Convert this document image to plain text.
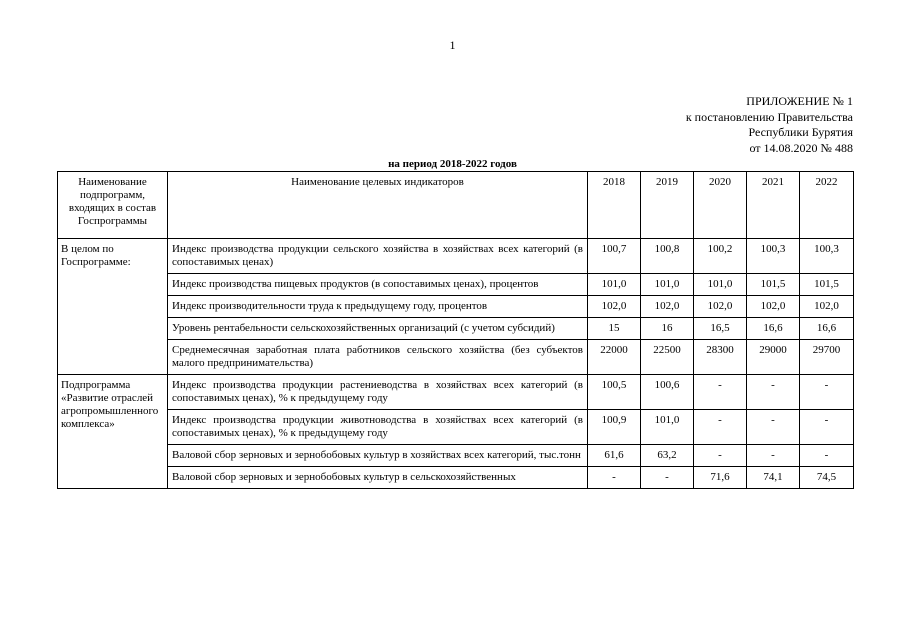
1
ПРИЛОЖЕНИЕ № 1
к постановлению Правительства
Республики Бурятия
от 14.08.2020 № 488
на период 2018-2022 годов
Наименование подпрограмм, входящих в состав Госпрограммы	Наименование целевых индикаторов	2018	2019	2020	2021	2022
В целом по Госпрограмме:	Индекс производства продукции сельского хозяйства в хозяйствах всех категорий (в сопоставимых ценах)	100,7	100,8	100,2	100,3	100,3
	Индекс производства пищевых продуктов (в сопоставимых ценах), процентов	101,0	101,0	101,0	101,5	101,5
	Индекс производительности труда к предыдущему году, процентов	102,0	102,0	102,0	102,0	102,0
	Уровень рентабельности сельскохозяйственных организаций (с учетом субсидий)	15	16	16,5	16,6	16,6
	Среднемесячная заработная плата работников сельского хозяйства (без субъектов малого предпринимательства)	22000	22500	28300	29000	29700
Подпрограмма «Развитие отраслей агропромышленного комплекса»	Индекс производства продукции растениеводства в хозяйствах всех категорий (в сопоставимых ценах), % к предыдущему году	100,5	100,6	-	-	-
	Индекс производства продукции животноводства в хозяйствах всех категорий (в сопоставимых ценах), % к предыдущему году	100,9	101,0	-	-	-
	Валовой сбор зерновых и зернобобовых культур в хозяйствах всех категорий, тыс.тонн	61,6	63,2	-	-	-
	Валовой сбор зерновых и зернобобовых культур в сельскохозяйственных	-	-	71,6	74,1	74,5
